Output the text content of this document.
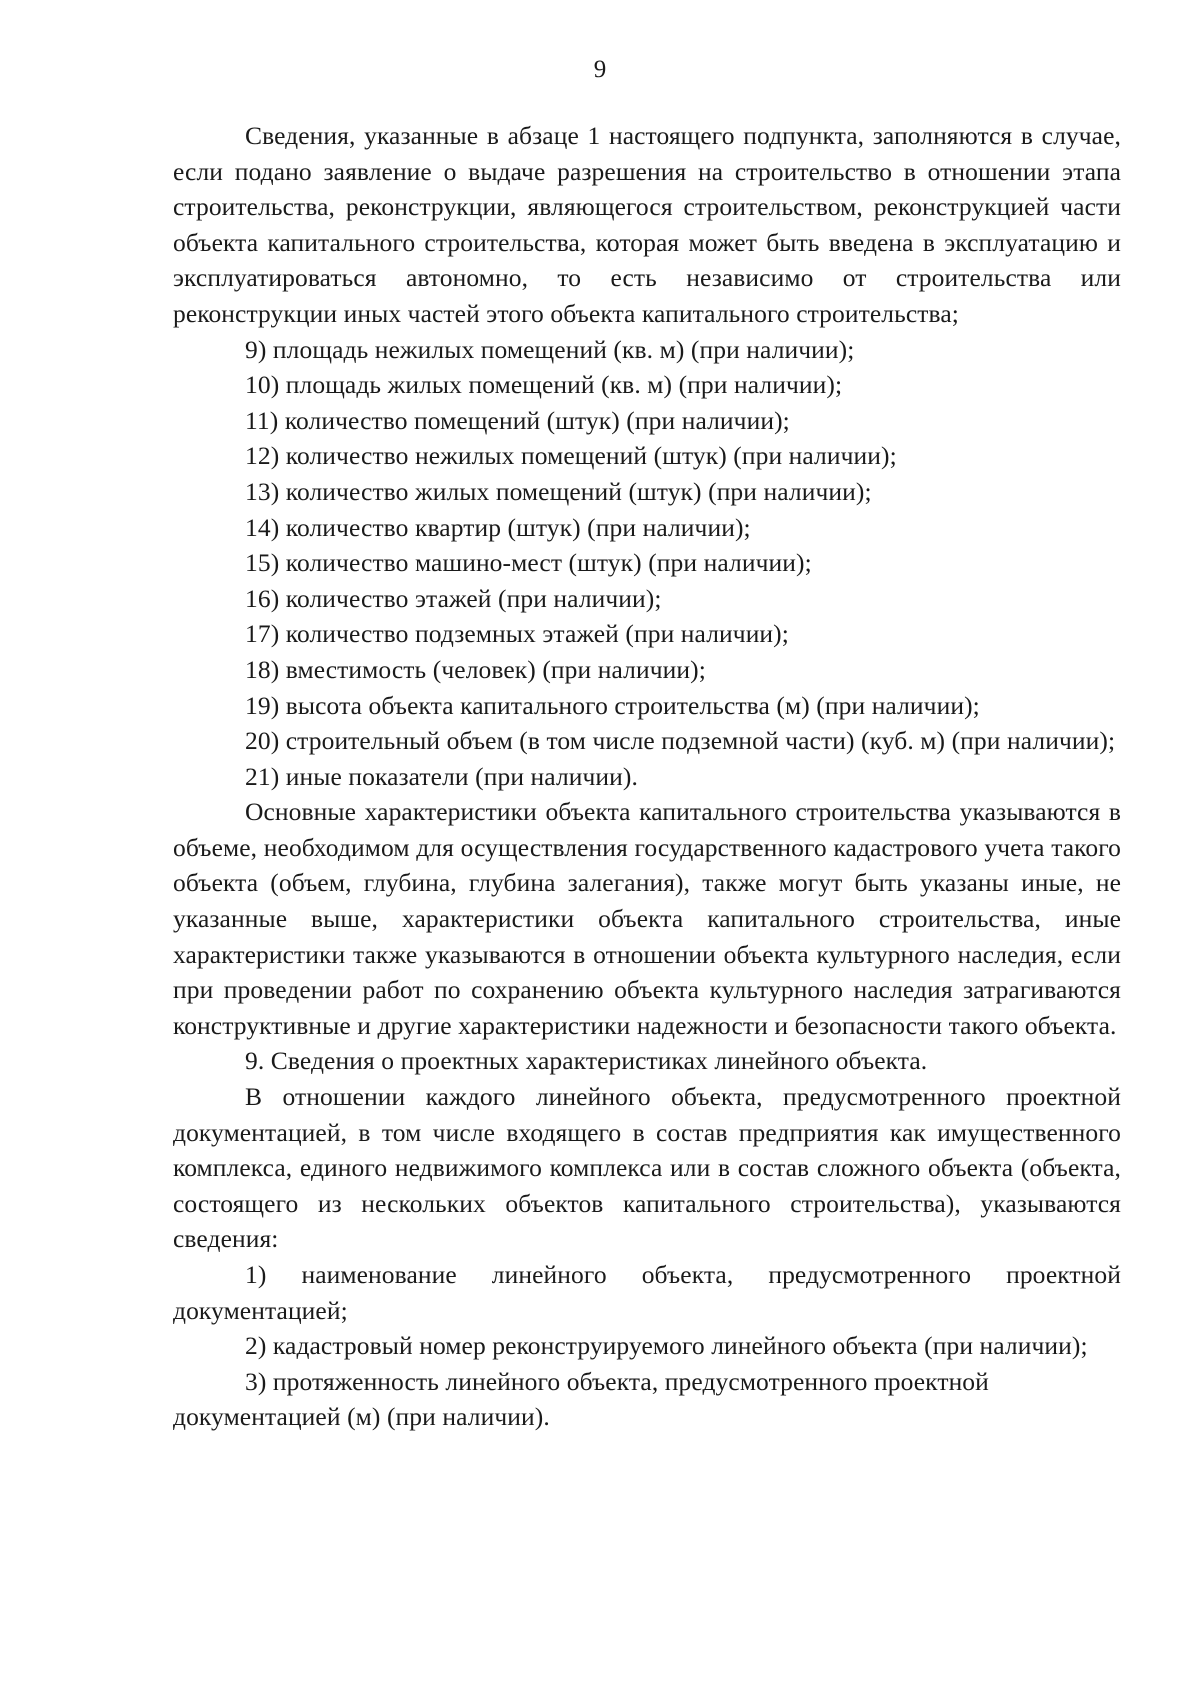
9

Сведения, указанные в абзаце 1 настоящего подпункта, заполняются в случае, если подано заявление о выдаче разрешения на строительство в отношении этапа строительства, реконструкции, являющегося строительством, реконструкцией части объекта капитального строительства, которая может быть введена в эксплуатацию и эксплуатироваться автономно, то есть независимо от строительства или реконструкции иных частей этого объекта капитального строительства;

9) площадь нежилых помещений (кв. м) (при наличии);

10) площадь жилых помещений (кв. м) (при наличии);

11) количество помещений (штук) (при наличии);

12) количество нежилых помещений (штук) (при наличии);

13) количество жилых помещений (штук) (при наличии);

14) количество квартир (штук) (при наличии);

15) количество машино-мест (штук) (при наличии);

16) количество этажей (при наличии);

17) количество подземных этажей (при наличии);

18) вместимость (человек) (при наличии);

19) высота объекта капитального строительства (м) (при наличии);

20) строительный объем (в том числе подземной части) (куб. м) (при наличии);

21) иные показатели (при наличии).

Основные характеристики объекта капитального строительства указываются в объеме, необходимом для осуществления государственного кадастрового учета такого объекта (объем, глубина, глубина залегания), также могут быть указаны иные, не указанные выше, характеристики объекта капитального строительства, иные характеристики также указываются в отношении объекта культурного наследия, если при проведении работ по сохранению объекта культурного наследия затрагиваются конструктивные и другие характеристики надежности и безопасности такого объекта.

9. Сведения о проектных характеристиках линейного объекта.

В отношении каждого линейного объекта, предусмотренного проектной документацией, в том числе входящего в состав предприятия как имущественного комплекса, единого недвижимого комплекса или в состав сложного объекта (объекта, состоящего из нескольких объектов капитального строительства), указываются сведения:

1) наименование линейного объекта, предусмотренного проектной документацией;

2) кадастровый номер реконструируемого линейного объекта (при наличии);

3) протяженность линейного объекта, предусмотренного проектной документацией (м) (при наличии).
